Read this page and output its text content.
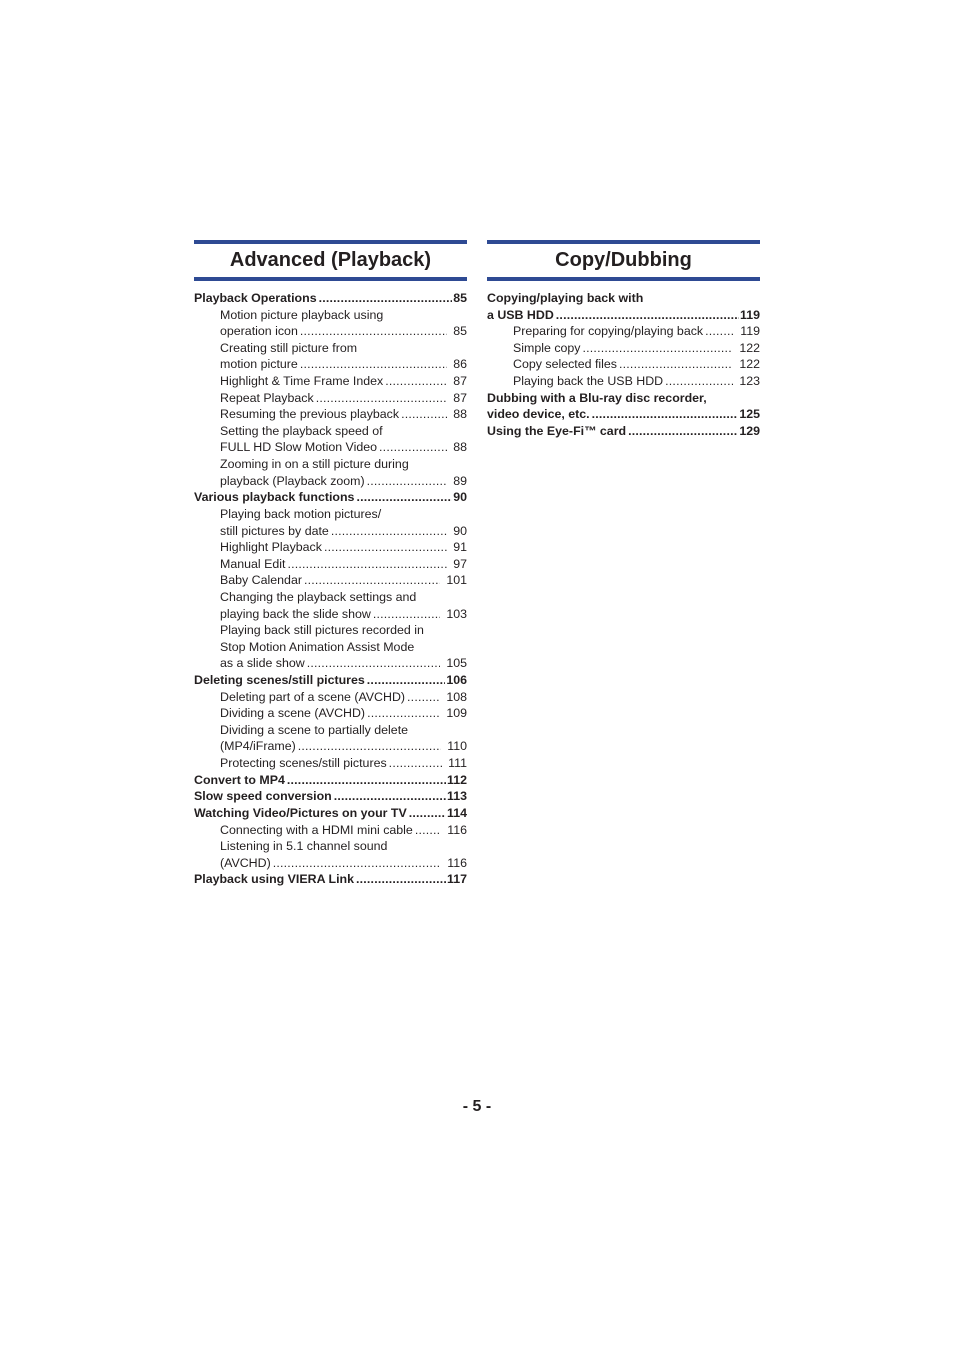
Advanced (Playback)
Playback Operations .....	85
Motion picture playback using
operation icon .....	85
Creating still picture from
motion picture .....	86
Highlight & Time Frame Index .....	87
Repeat Playback .....	87
Resuming the previous playback .....	88
Setting the playback speed of
FULL HD Slow Motion Video .....	88
Zooming in on a still picture during
playback (Playback zoom) .....	89
Various playback functions .....	90
Playing back motion pictures/
still pictures by date .....	90
Highlight Playback .....	91
Manual Edit .....	97
Baby Calendar .....	101
Changing the playback settings and
playing back the slide show .....	103
Playing back still pictures recorded in
Stop Motion Animation Assist Mode
as a slide show .....	105
Deleting scenes/still pictures .....	106
Deleting part of a scene (AVCHD) .....	108
Dividing a scene (AVCHD) .....	109
Dividing a scene to partially delete
(MP4/iFrame) .....	110
Protecting scenes/still pictures .....	111
Convert to MP4 .....	112
Slow speed conversion .....	113
Watching Video/Pictures on your TV .....	114
Connecting with a HDMI mini cable .....	116
Listening in 5.1 channel sound
(AVCHD) .....	116
Playback using VIERA Link .....	117
Copy/Dubbing
Copying/playing back with
a USB HDD .....	119
Preparing for copying/playing back .....	119
Simple copy .....	122
Copy selected files .....	122
Playing back the USB HDD .....	123
Dubbing with a Blu-ray disc recorder,
video device, etc. .....	125
Using the Eye-Fi™ card .....	129
- 5 -
